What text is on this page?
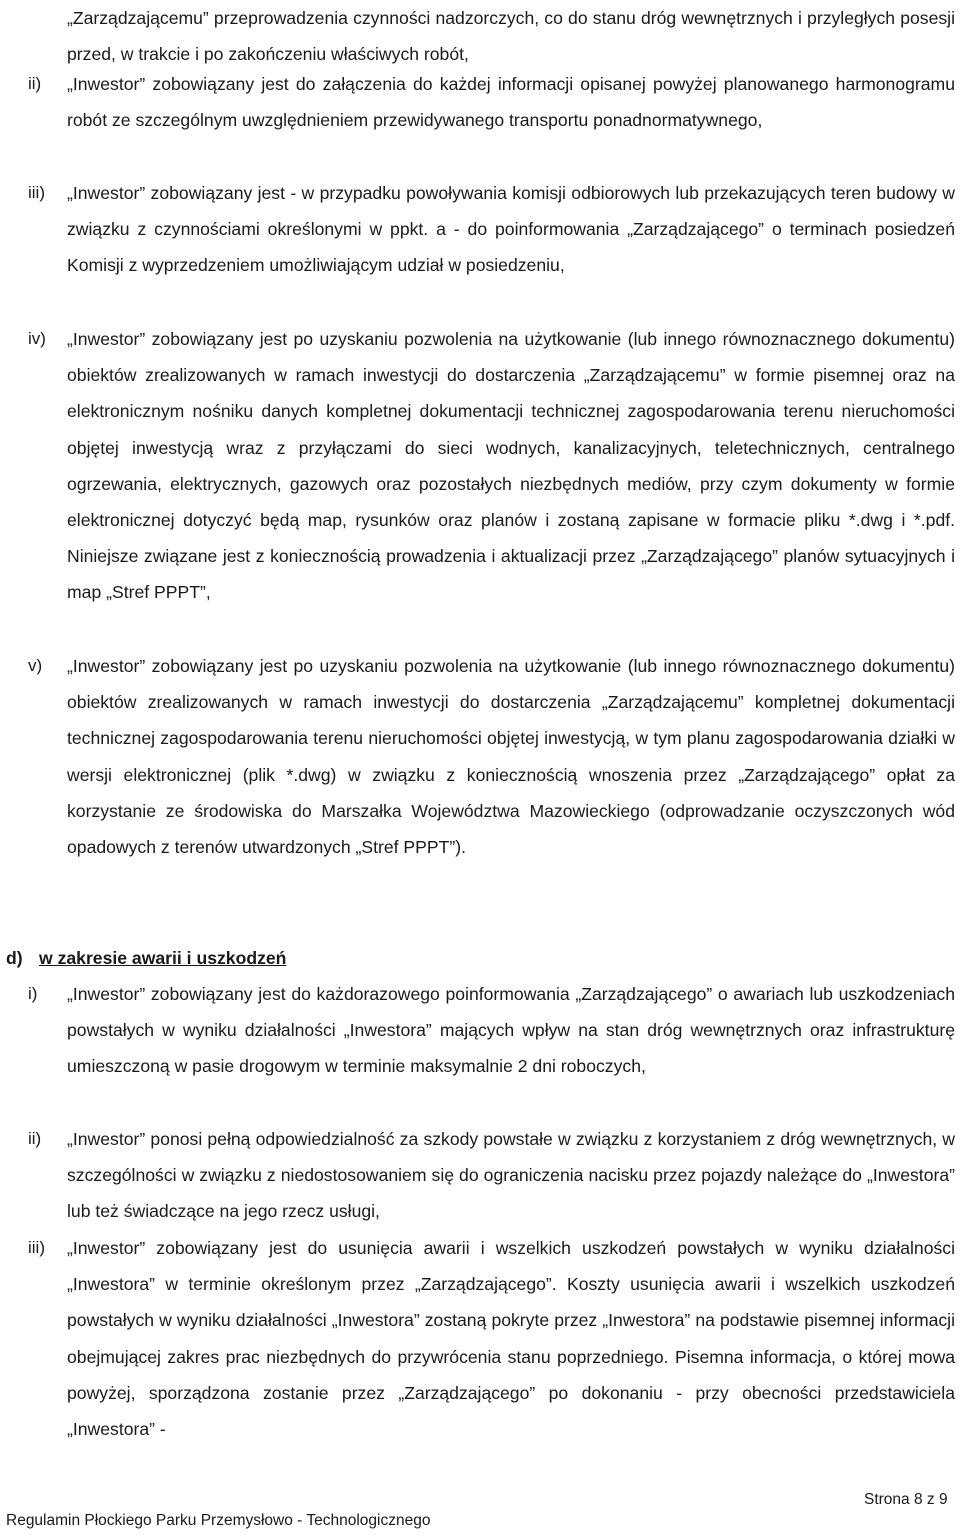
„Zarządzającemu” przeprowadzenia czynności nadzorczych, co do stanu dróg wewnętrznych i przyległych posesji przed, w trakcie i po zakończeniu właściwych robót,
ii) „Inwestor” zobowiązany jest do załączenia do każdej informacji opisanej powyżej planowanego harmonogramu robót ze szczególnym uwzględnieniem przewidywanego transportu ponadnormatywnego,
iii) „Inwestor” zobowiązany jest - w przypadku powoływania komisji odbiorowych lub przekazujących teren budowy w związku z czynnościami określonymi w ppkt. a - do poinformowania „Zarządzającego” o terminach posiedzeń Komisji z wyprzedzeniem umożliwiającym udział w posiedzeniu,
iv) „Inwestor” zobowiązany jest po uzyskaniu pozwolenia na użytkowanie (lub innego równoznacznego dokumentu) obiektów zrealizowanych w ramach inwestycji do dostarczenia „Zarządzającemu” w formie pisemnej oraz na elektronicznym nośniku danych kompletnej dokumentacji technicznej zagospodarowania terenu nieruchomości objętej inwestycją wraz z przyłączami do sieci wodnych, kanalizacyjnych, teletechnicznych, centralnego ogrzewania, elektrycznych, gazowych oraz pozostałych niezbędnych mediów, przy czym dokumenty w formie elektronicznej dotyczyć będą map, rysunków oraz planów i zostaną zapisane w formacie pliku *.dwg i *.pdf. Niniejsze związane jest z koniecznością prowadzenia i aktualizacji przez „Zarządzającego” planów sytuacyjnych i map „Stref PPPT”,
v) „Inwestor” zobowiązany jest po uzyskaniu pozwolenia na użytkowanie (lub innego równoznacznego dokumentu) obiektów zrealizowanych w ramach inwestycji do dostarczenia „Zarządzającemu” kompletnej dokumentacji technicznej zagospodarowania terenu nieruchomości objętej inwestycją, w tym planu zagospodarowania działki w wersji elektronicznej (plik *.dwg) w związku z koniecznością wnoszenia przez „Zarządzającego” opłat za korzystanie ze środowiska do Marszałka Województwa Mazowieckiego (odprowadzanie oczyszczonych wód opadowych z terenów utwardzonych „Stref PPPT”).
d) w zakresie awarii i uszkodzeń
i) „Inwestor” zobowiązany jest do każdorazowego poinformowania „Zarządzającego” o awariach lub uszkodzeniach powstałych w wyniku działalności „Inwestora” mających wpływ na stan dróg wewnętrznych oraz infrastrukturę umieszczoną w pasie drogowym w terminie maksymalnie 2 dni roboczych,
ii) „Inwestor” ponosi pełną odpowiedzialność za szkody powstałe w związku z korzystaniem z dróg wewnętrznych, w szczególności w związku z niedostosowaniem się do ograniczenia nacisku przez pojazdy należące do „Inwestora” lub też świadczące na jego rzecz usługi,
iii) „Inwestor” zobowiązany jest do usunięcia awarii i wszelkich uszkodzeń powstałych w wyniku działalności „Inwestora” w terminie określonym przez „Zarządzającego”. Koszty usunięcia awarii i wszelkich uszkodzeń powstałych w wyniku działalności „Inwestora” zostaną pokryte przez „Inwestora” na podstawie pisemnej informacji obejmującej zakres prac niezbędnych do przywrócenia stanu poprzedniego. Pisemna informacja, o której mowa powyżej, sporządzona zostanie przez „Zarządzającego” po dokonaniu - przy obecności przedstawiciela „Inwestora” -
Strona 8 z 9
Regulamin Płockiego Parku Przemysłowo - Technologicznego
